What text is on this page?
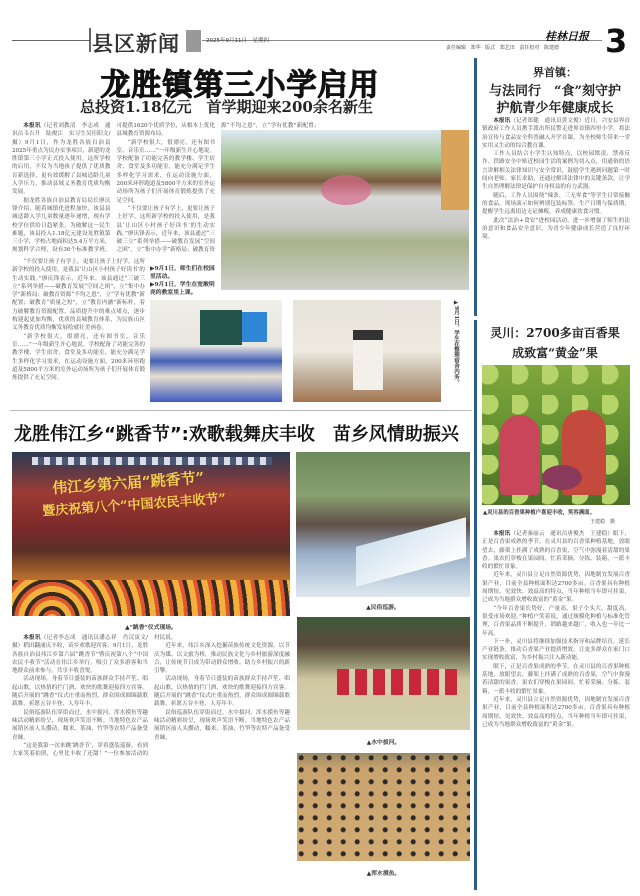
县区新闻	2025年9月11日　星期四	桂林日报
责任编辑 郑华 版式 郑艺田 责任校对 陈建德 3
龙胜镇第三小学启用
总投资1.18亿元　首学期迎来200余名新生

本报讯（记者刘教清　李志成　通讯员韦吉升　陆俊江　实习生吴佳阳文/摄）9月1日，作为龙胜各族自治县2025年重点为民办实事项目，新建的龙胜镇第三小学正式投入使用。这所学校的启用，不仅为当地孩子提供了优质教育新选择，更有效缓解了县城适龄儿童入学压力，推动县域义务教育优质均衡发展。

据龙胜各族自治县教育局局长廖庆锋介绍，随着城镇化进程加快，该县县城适龄入学儿童数量逐年递增，现有学校学位供给日趋紧张。为破解这一民生难题，该县投入1.18亿元建设龙胜镇第三小学，学校占地面积达5.4万平方米，规划科学合理，设有36个标准教学班，可提供1620个优质学位，从根本上优化县城教育资源布局。

“新学校很大，很漂亮，还有图书室、音乐室……”一年级新生开心地说。学校配备了功能完善的教学楼、学生宿舍、食堂及多功能室，能充分满足学生多样化学习需求，在运动设施方面，200米环形跑道及5800平方米的室外运动场所为孩子们开展体育锻炼提供了充足空间。

“不仅要让孩子有学上，更要让孩子上好学。这所新学校的投入使用，是我县‘让山区小村孩子好读书’的生动实践。”廖庆锋表示，近年来，该县通过“三破三立”系列举措——破教育发展“空间之困”，立“集中办学”新格局；破教育资源“不均之患”，立“学有优教”新配置；

“不仅要让孩子有学上，更要让孩子上好学。这所新学校的投入使用，是我县‘让山区小村孩子好读书’的生动实践。”廖庆锋表示，近年来，该县通过“三破三立”系列举措——破教育发展“空间之困”，立“集中办学”新格局；破教育资源“不均之患”，立“学有优教”新配置；破教育“质量之短”，立“教育内涵”新标杆，着力破解教育资源配置、品质提升中的难点堵点，逐步构建起更加均衡、优质的县城教育体系，为民族山区义务教育优质均衡发展绘就壮美画卷。

“新学校很大，很漂亮，还有图书室、音乐室……”一年级新生开心地说。学校配备了功能完善的教学楼、学生宿舍、食堂及多功能室，能充分满足学生多样化学习需求，在运动设施方面，200米环形跑道及5800平方米的室外运动场所为孩子们开展体育锻炼提供了充足空间。

▶9月1日，师生们在校园里活动。
▶9月1日，学生在宽敞明亮的教室里上课。
▶9月1日，学生在整理宿舍内务。
龙胜伟江乡“跳香节”:欢歌载舞庆丰收　苗乡风情助振兴
伟江乡第六届“跳香节”
暨庆祝第八个“中国农民丰收节”
▲“跳香”仪式现场。

本报讯（记者李志成　通讯员潘志祥　肖汉寅文/摄）稻田翻涌庆丰收，苗乡欢歌迎宾客。9月1日，龙胜各族自治县伟江乡第六届“跳香节”暨庆祝第八个“中国农民丰收节”活动在伟江乡举行，吸引了众多游客和当地群众前来参与，共享丰收喜悦。

活动现场，身着节日盛装的苗族群众手持芦笙、唱起山歌，以热情的拦门酒、欢快的歌舞迎接四方宾客。随后开展的“跳香”仪式庄重而热烈，群众围成圆圈载歌载舞，祈愿五谷丰登、人寿年丰。

民俗巡游队伍穿街而过，水中拔河、浑水摸鱼等趣味活动精彩纷呈，现场欢声笑语不断。当地特色农产品展销区前人头攒动，糯米、茶油、竹笋等农特产品备受青睐。

“这是我第一次来跳‘跳香节’，穿着盛装巡游，看到大家笑着拍照，心里比丰收了还甜！”一位参加活动的村民说。

近年来，伟江乡深入挖掘苗族传统文化资源，以节庆为媒、以文旅为桥，推动民族文化与乡村旅游深度融合，让传统节日成为带动群众增收、助力乡村振兴的新引擎。

活动现场，身着节日盛装的苗族群众手持芦笙、唱起山歌，以热情的拦门酒、欢快的歌舞迎接四方宾客。随后开展的“跳香”仪式庄重而热烈，群众围成圆圈载歌载舞，祈愿五谷丰登、人寿年丰。

民俗巡游队伍穿街而过，水中拔河、浑水摸鱼等趣味活动精彩纷呈，现场欢声笑语不断。当地特色农产品展销区前人头攒动，糯米、茶油、竹笋等农特产品备受青睐。

▲民俗巡游。
▲水中拔河。
▲浑水摸鱼。
界首镇：
与法同行　“食”刻守护
护航青少年健康成长

本报讯（记者郑健　通讯员黄文俊）近日，兴安县界首镇政府工作人员携手派出所民警走进界首镇四里小学，将法治宣传与食品安全科普融入开学首课，为全校师生带来一堂实用又生动的综合教育课。

工作人员结合小学生认知特点，以校园欺凌、禁毒反诈、铁路安全中贴近校园生活的案例为切入点，用通俗的语言讲解相关法律知识与安全常识，鼓励学生遇到问题第一时间向老师、家长求助，还通过解读法律中的关键条款，让学生自然理解法律是保护自身权益的有力武器。

随后，工作人员围绕“辣条、三无零食”等学生日常接触的食品，现场演示如何辨别包装标签、生产日期与保质期，提醒学生远离街边无证摊贩，养成健康饮食习惯。

此次“法治+食安”进校园活动，进一步增强了师生的法治意识和食品安全意识，为青少年健康成长营造了良好环境。

灵川：2700多亩百香果
成致富“黄金”果
▲灵川县的百香果种植户喜迎丰收，笑容满面。
王建稳　摄

本报讯（记者秦丽云　通讯员唐俊杰　王建稳）眼下，正是百香果成熟的季节。在灵川县的百香果种植基地，放眼望去，藤架上挂满了成熟的百香果，空气中弥漫着清甜的果香。果农们穿梭在果园间，忙着采摘、分拣、装箱，一派丰收的繁忙景象。

近年来，灵川县立足自然资源优势，因地制宜发展百香果产业，目前全县种植面积达2700多亩。百香果具有种植周期短、见效快、效益高的特点，当年种植当年即可挂果，已成为当地群众增收致富的“黄金”果。

“今年百香果长势好，产量高，果子个头大、甜度高，很受市场欢迎。”种植户笑着说，通过规模化种植与标准化管理，百香果品质不断提升，销路越来越广，收入也一年比一年高。

下一步，灵川县将继续加强技术指导和品牌培育，延长产业链条，推动百香果产业提质增效，让更多群众在家门口实现增收致富，为乡村振兴注入新动能。

眼下，正是百香果成熟的季节。在灵川县的百香果种植基地，放眼望去，藤架上挂满了成熟的百香果，空气中弥漫着清甜的果香。果农们穿梭在果园间，忙着采摘、分拣、装箱，一派丰收的繁忙景象。

近年来，灵川县立足自然资源优势，因地制宜发展百香果产业，目前全县种植面积达2700多亩。百香果具有种植周期短、见效快、效益高的特点，当年种植当年即可挂果，已成为当地群众增收致富的“黄金”果。
